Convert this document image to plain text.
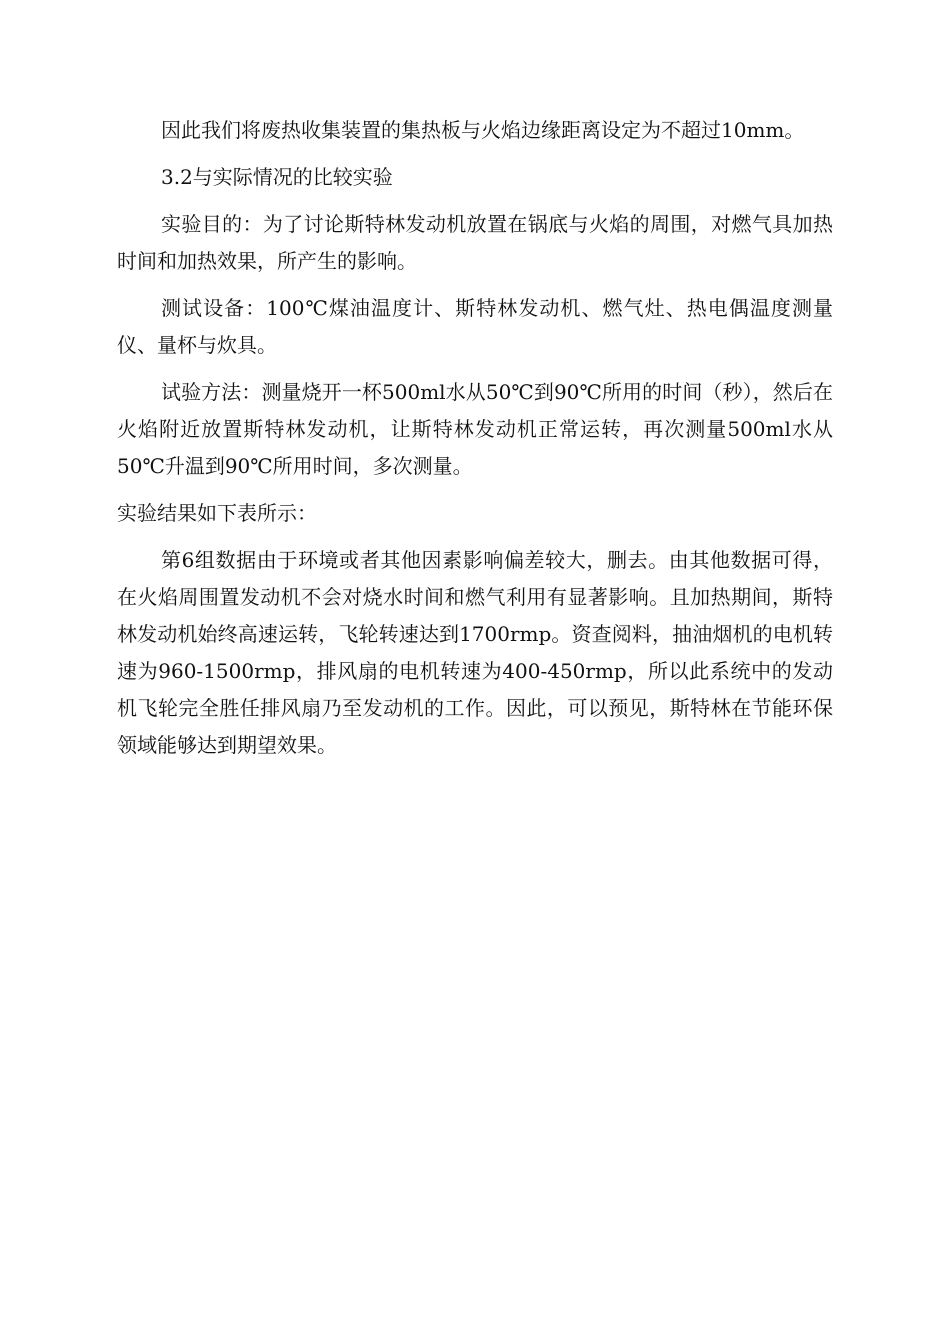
因此我们将废热收集装置的集热板与火焰边缘距离设定为不超过10mm。

3.2与实际情况的比较实验

实验目的：为了讨论斯特林发动机放置在锅底与火焰的周围，对燃气具加热时间和加热效果，所产生的影响。

测试设备：100℃煤油温度计、斯特林发动机、燃气灶、热电偶温度测量仪、量杯与炊具。

试验方法：测量烧开一杯500ml水从50℃到90℃所用的时间（秒），然后在火焰附近放置斯特林发动机，让斯特林发动机正常运转，再次测量500ml水从50℃升温到90℃所用时间，多次测量。

实验结果如下表所示：

第6组数据由于环境或者其他因素影响偏差较大，删去。由其他数据可得，在火焰周围置发动机不会对烧水时间和燃气利用有显著影响。且加热期间，斯特林发动机始终高速运转，飞轮转速达到1700rmp。资查阅料，抽油烟机的电机转速为960-1500rmp，排风扇的电机转速为400-450rmp，所以此系统中的发动机飞轮完全胜任排风扇乃至发动机的工作。因此，可以预见，斯特林在节能环保领域能够达到期望效果。
